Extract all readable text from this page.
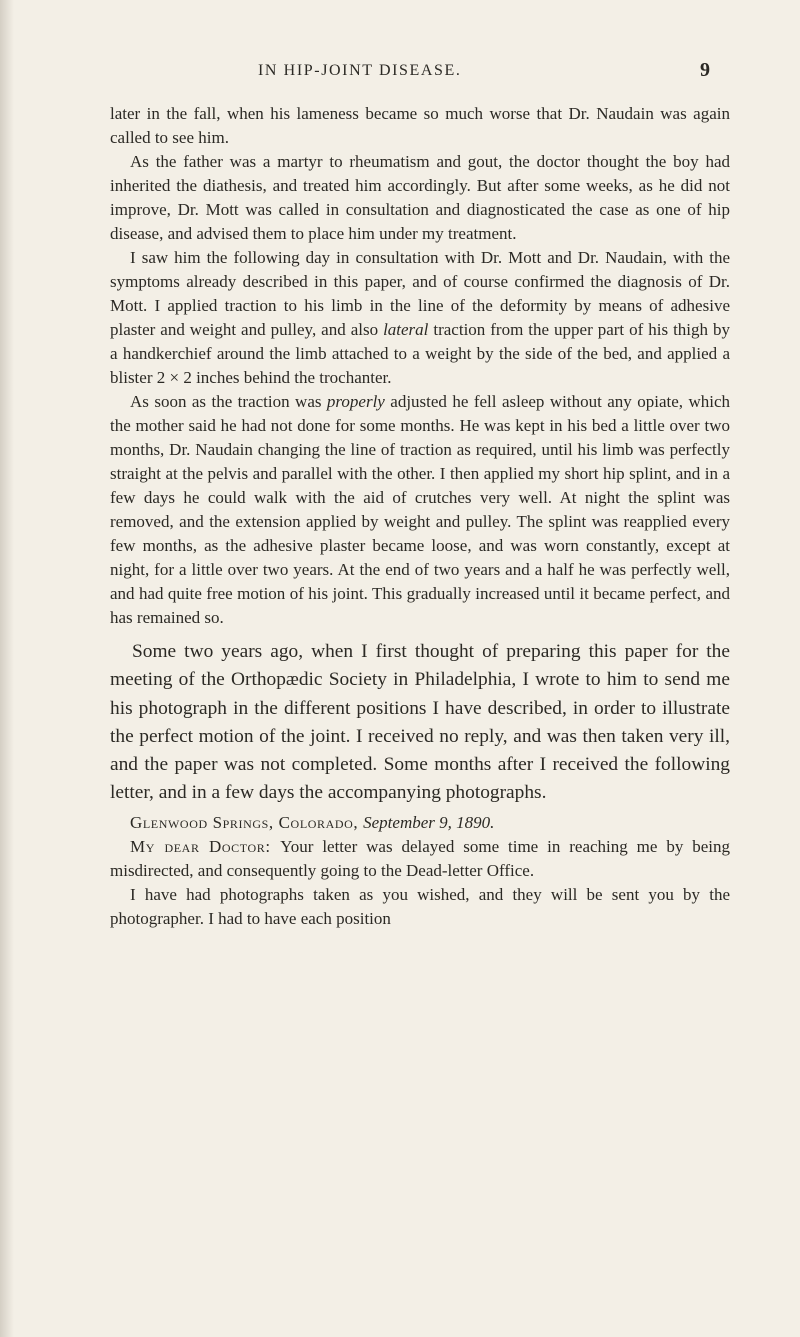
IN HIP-JOINT DISEASE.	9

later in the fall, when his lameness became so much worse that Dr. Naudain was again called to see him.

As the father was a martyr to rheumatism and gout, the doctor thought the boy had inherited the diathesis, and treated him accordingly. But after some weeks, as he did not improve, Dr. Mott was called in consultation and diagnosticated the case as one of hip disease, and advised them to place him under my treatment.

I saw him the following day in consultation with Dr. Mott and Dr. Naudain, with the symptoms already described in this paper, and of course confirmed the diagnosis of Dr. Mott. I applied traction to his limb in the line of the deformity by means of adhesive plaster and weight and pulley, and also lateral traction from the upper part of his thigh by a handkerchief around the limb attached to a weight by the side of the bed, and applied a blister 2 × 2 inches behind the trochanter.

As soon as the traction was properly adjusted he fell asleep without any opiate, which the mother said he had not done for some months. He was kept in his bed a little over two months, Dr. Naudain changing the line of traction as required, until his limb was perfectly straight at the pelvis and parallel with the other. I then applied my short hip splint, and in a few days he could walk with the aid of crutches very well. At night the splint was removed, and the extension applied by weight and pulley. The splint was reapplied every few months, as the adhesive plaster became loose, and was worn constantly, except at night, for a little over two years. At the end of two years and a half he was perfectly well, and had quite free motion of his joint. This gradually increased until it became perfect, and has remained so.

Some two years ago, when I first thought of preparing this paper for the meeting of the Orthopædic Society in Philadelphia, I wrote to him to send me his photograph in the different positions I have described, in order to illustrate the perfect motion of the joint. I received no reply, and was then taken very ill, and the paper was not completed. Some months after I received the following letter, and in a few days the accompanying photographs.

Glenwood Springs, Colorado, September 9, 1890.

My dear Doctor: Your letter was delayed some time in reaching me by being misdirected, and consequently going to the Dead-letter Office.

I have had photographs taken as you wished, and they will be sent you by the photographer. I had to have each position
